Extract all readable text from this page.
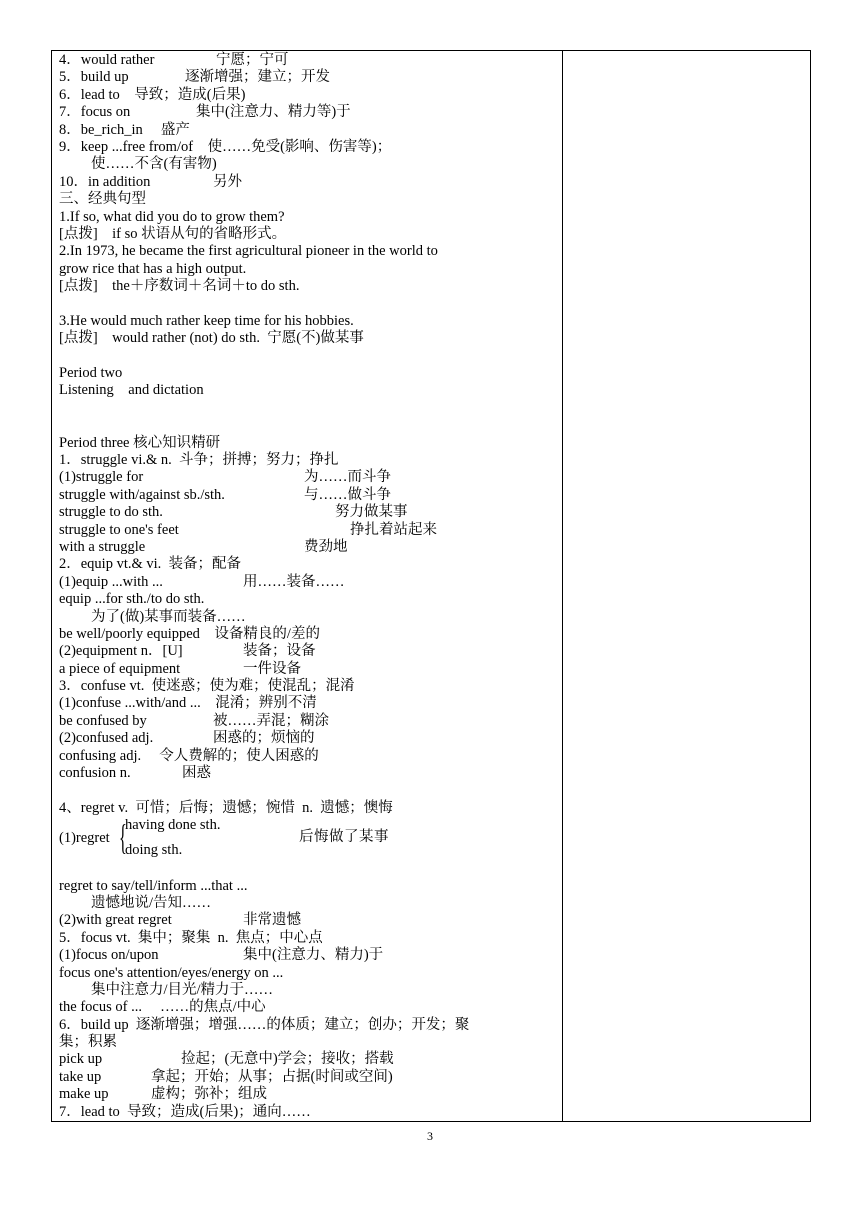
4．would rather	宁愿；宁可
5．build up	逐渐增强；建立；开发
6．lead to    导致；造成(后果)
7．focus on	集中(注意力、精力等)于
8．be_rich_in     盛产
9．keep ...free from/of    使……免受(影响、伤害等)；
使……不含(有害物)
10．in addition	另外
三、经典句型
1.If so, what did you do to grow them?
[点拨]    if so 状语从句的省略形式。
2.In 1973, he became the first agricultural pioneer in the world to
grow rice that has a high output.
[点拨]    the＋序数词＋名词＋to do sth.
3.He would much rather keep time for his hobbies.
[点拨]    would rather (not) do sth.  宁愿(不)做某事
Period two
Listening    and dictation
Period three 核心知识精研
1．struggle vi.& n.  斗争；拼搏；努力；挣扎
(1)struggle for	为……而斗争
struggle with/against sb./sth.	与……做斗争
struggle to do sth.	努力做某事
struggle to one's feet	挣扎着站起来
with a struggle	费劲地
2．equip vt.& vi.  装备；配备
(1)equip ...with ...	用……装备……
equip ...for sth./to do sth.
为了(做)某事而装备……
be well/poorly equipped    设备精良的/差的
(2)equipment n．[U]	装备；设备
a piece of equipment	一件设备
3．confuse vt.  使迷惑；使为难；使混乱；混淆
(1)confuse ...with/and ...    混淆；辨别不清
be confused by	被……弄混；糊涂
(2)confused adj.	困惑的；烦恼的
confusing adj.     令人费解的；使人困惑的
confusion n.	困惑
4、regret v.  可惜；后悔；遗憾；惋惜  n.  遗憾；懊悔
(1)regret {
having done sth.
doing sth.
后悔做了某事
regret to say/tell/inform ...that ...
遗憾地说/告知……
(2)with great regret	非常遗憾
5．focus vt.  集中；聚集  n.  焦点；中心点
(1)focus on/upon	集中(注意力、精力)于
focus one's attention/eyes/energy on ...
集中注意力/目光/精力于……
the focus of ...     ……的焦点/中心
6．build up  逐渐增强；增强……的体质；建立；创办；开发；聚
集；积累
pick up	捡起；(无意中)学会；接收；搭载
take up	拿起；开始；从事；占据(时间或空间)
make up	虚构；弥补；组成
7．lead to  导致；造成(后果)；通向……
3
